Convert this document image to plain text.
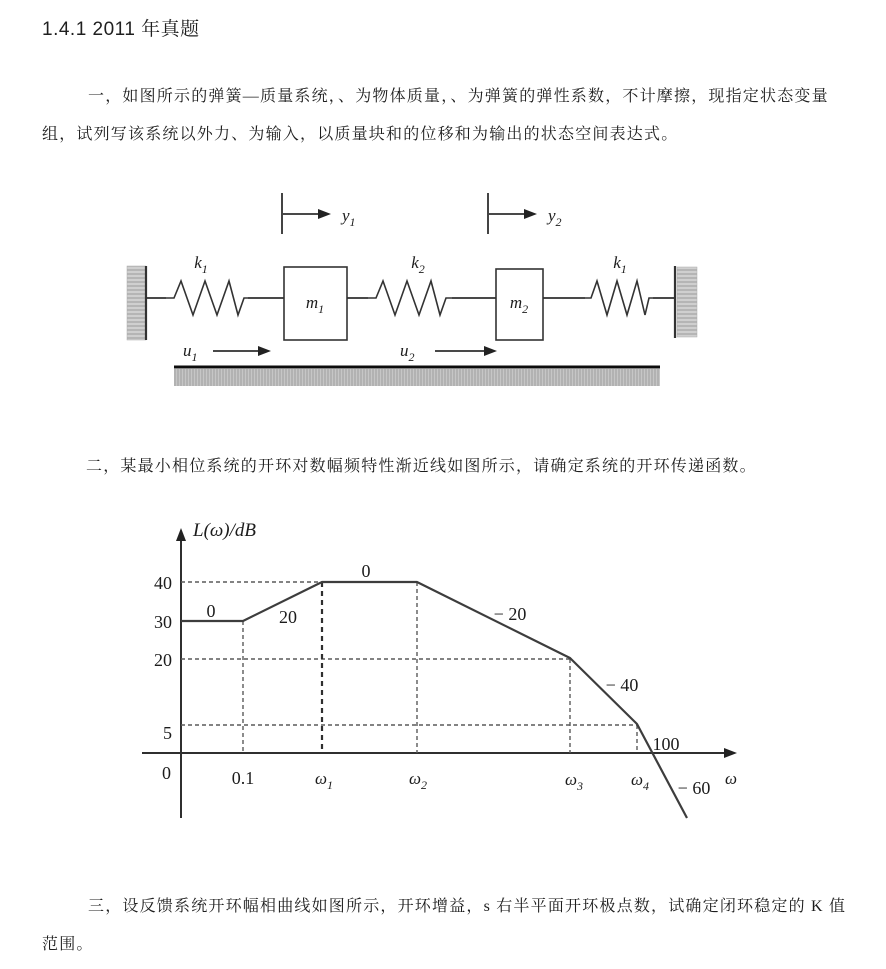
1.4.1 2011 年真题
一，如图所示的弹簧—质量系统，、为物体质量，、为弹簧的弹性系数，不计摩擦，现指定状态变量
组，试列写该系统以外力、为输入，以质量块和的位移和为输出的状态空间表达式。
$y_1$	$y_2$
$k_1$
$m_1$
$k_2$
$m_2$
$k_1$
$u_1$	$u_2$
二，某最小相位系统的开环对数幅频特性渐近线如图所示，请确定系统的开环传递函数。
L(ω)/dB
40
30
20
5
0	0.1	$\omega_1$	$\omega_2$	$\omega_3$	$\omega_4$
100
ω
0	20
0
− 20
− 40
− 60
三，设反馈系统开环幅相曲线如图所示，开环增益，s 右半平面开环极点数，试确定闭环稳定的 K 值
范围。
